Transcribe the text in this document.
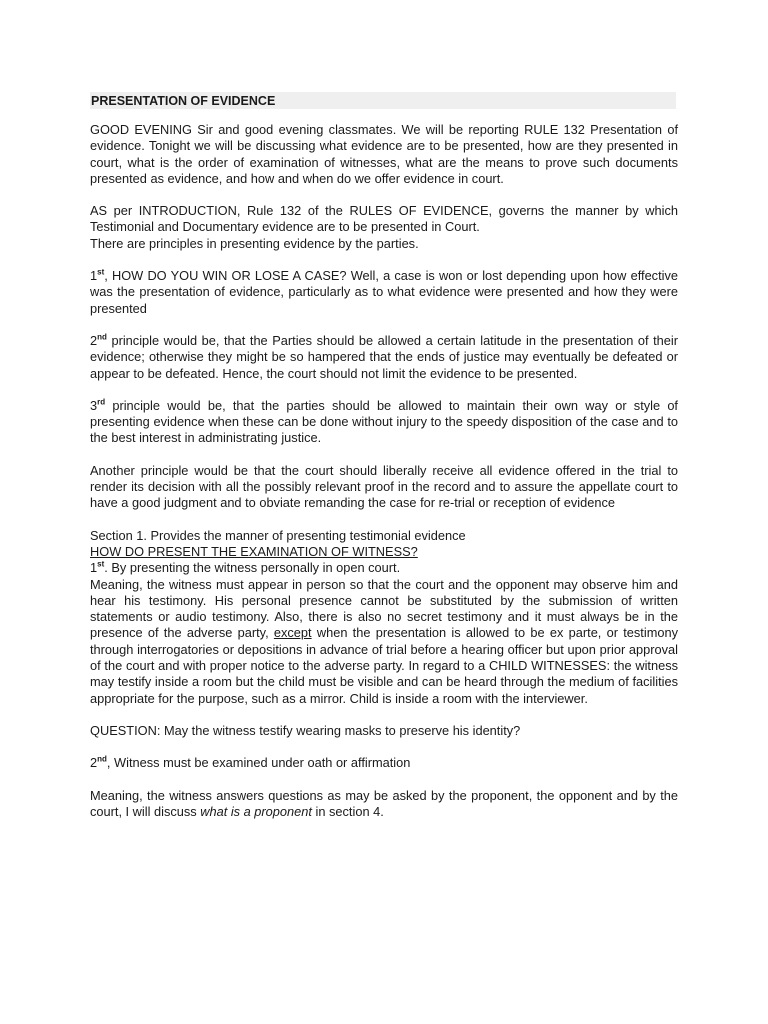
PRESENTATION OF EVIDENCE

GOOD EVENING Sir and good evening classmates. We will be reporting RULE 132 Presentation of evidence. Tonight we will be discussing what evidence are to be presented, how are they presented in court, what is the order of examination of witnesses, what are the means to prove such documents presented as evidence, and how and when do we offer evidence in court.

AS per INTRODUCTION, Rule 132 of the RULES OF EVIDENCE, governs the manner by which Testimonial and Documentary evidence are to be presented in Court.

There are principles in presenting evidence by the parties.

1st, HOW DO YOU WIN OR LOSE A CASE? Well, a case is won or lost depending upon how effective was the presentation of evidence, particularly as to what evidence were presented and how they were presented

2nd principle would be, that the Parties should be allowed a certain latitude in the presentation of their evidence; otherwise they might be so hampered that the ends of justice may eventually be defeated or appear to be defeated. Hence, the court should not limit the evidence to be presented.

3rd principle would be, that the parties should be allowed to maintain their own way or style of presenting evidence when these can be done without injury to the speedy disposition of the case and to the best interest in administrating justice.

Another principle would be that the court should liberally receive all evidence offered in the trial to render its decision with all the possibly relevant proof in the record and to assure the appellate court to have a good judgment and to obviate remanding the case for re-trial or reception of evidence

Section 1. Provides the manner of presenting testimonial evidence

HOW DO PRESENT THE EXAMINATION OF WITNESS?

1st. By presenting the witness personally in open court.

Meaning, the witness must appear in person so that the court and the opponent may observe him and hear his testimony. His personal presence cannot be substituted by the submission of written statements or audio testimony. Also, there is also no secret testimony and it must always be in the presence of the adverse party, except when the presentation is allowed to be ex parte, or testimony through interrogatories or depositions in advance of trial before a hearing officer but upon prior approval of the court and with proper notice to the adverse party. In regard to a CHILD WITNESSES: the witness may testify inside a room but the child must be visible and can be heard through the medium of facilities appropriate for the purpose, such as a mirror. Child is inside a room with the interviewer.

QUESTION: May the witness testify wearing masks to preserve his identity?

2nd, Witness must be examined under oath or affirmation

Meaning, the witness answers questions as may be asked by the proponent, the opponent and by the court, I will discuss what is a proponent in section 4.
